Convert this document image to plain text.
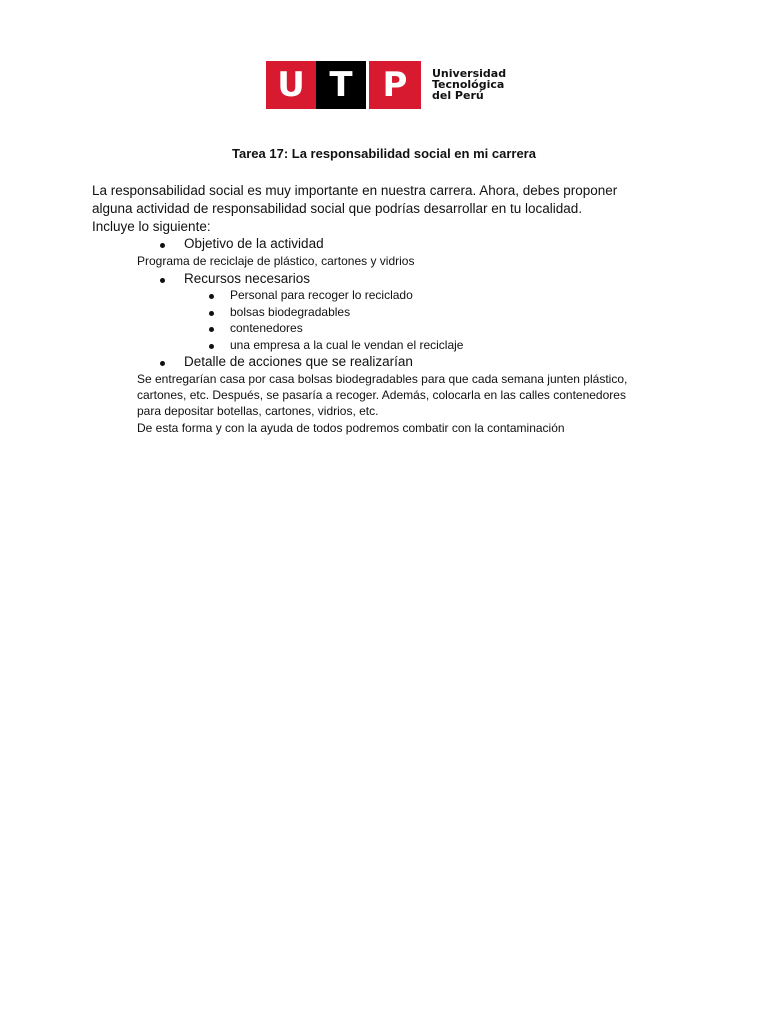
U T P	Universidad
Tecnológica
del Perú
Tarea 17: La responsabilidad social en mi carrera
La responsabilidad social es muy importante en nuestra carrera. Ahora, debes proponer
alguna actividad de responsabilidad social que podrías desarrollar en tu localidad.
Incluye lo siguiente:
Objetivo de la actividad
Programa de reciclaje de plástico, cartones y vidrios
Recursos necesarios
Personal para recoger lo reciclado
bolsas biodegradables
contenedores
una empresa a la cual le vendan el reciclaje
Detalle de acciones que se realizarían
Se entregarían casa por casa bolsas biodegradables para que cada semana junten plástico,
cartones, etc. Después, se pasaría a recoger. Además, colocarla en las calles contenedores
para depositar botellas, cartones, vidrios, etc.
De esta forma y con la ayuda de todos podremos combatir con la contaminación
